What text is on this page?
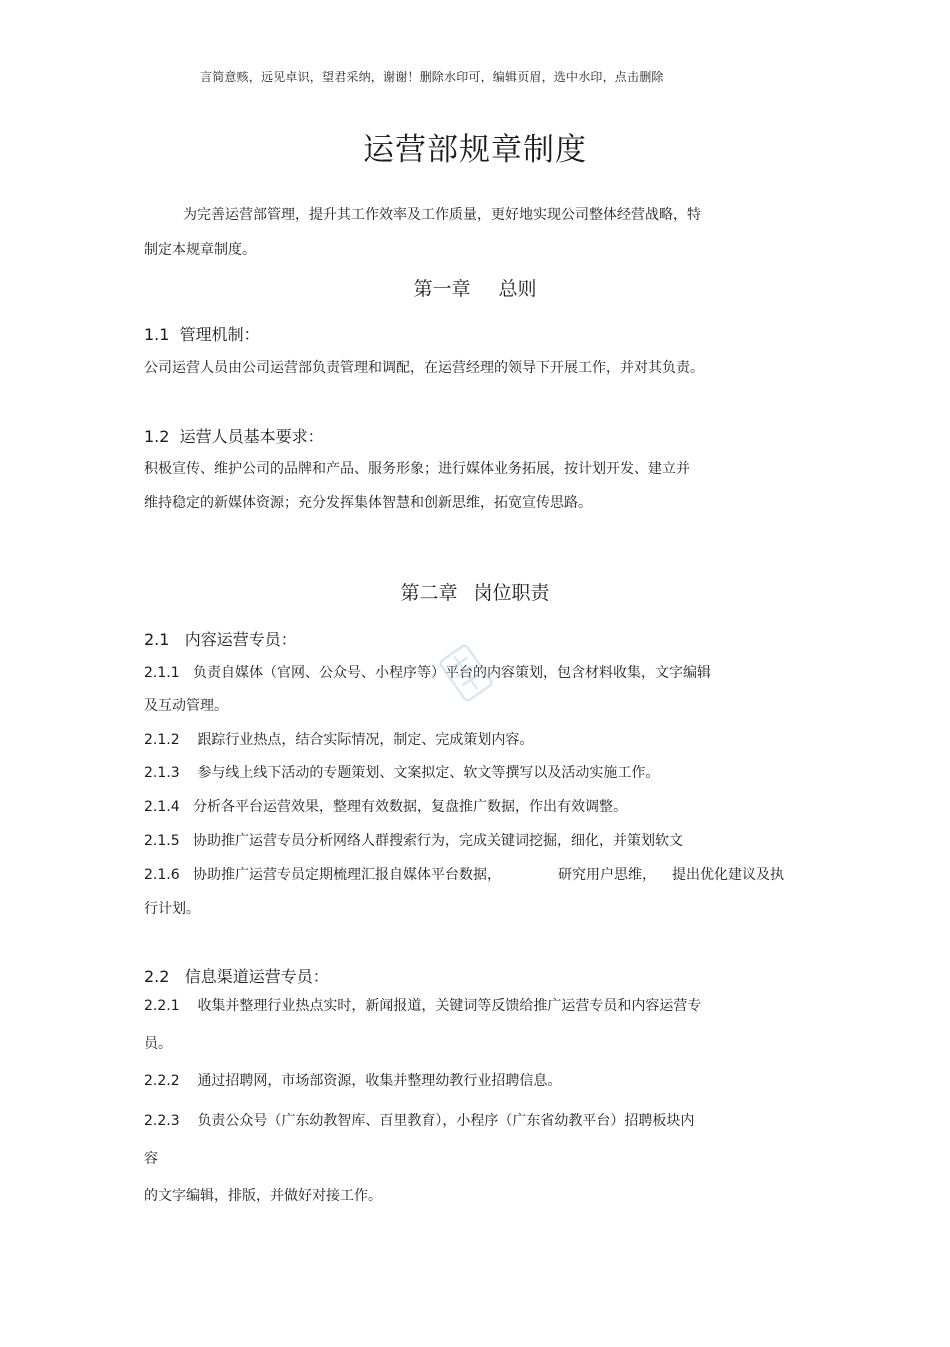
言简意赅，远见卓识，望君采纳，谢谢！删除水印可，编辑页眉，选中水印，点击删除
运营部规章制度
为完善运营部管理，提升其工作效率及工作质量，更好地实现公司整体经营战略，特
制定本规章制度。
第一章 总则
1.1 管理机制：
公司运营人员由公司运营部负责管理和调配，在运营经理的领导下开展工作，并对其负责。
1.2 运营人员基本要求：
积极宣传、维护公司的品牌和产品、服务形象；进行媒体业务拓展，按计划开发、建立并
维持稳定的新媒体资源；充分发挥集体智慧和创新思维，拓宽宣传思路。
第二章 岗位职责
2.1 内容运营专员：
2.1.1 负责自媒体（官网、公众号、小程序等）平台的内容策划，包含材料收集，文字编辑
及互动管理。
2.1.2 跟踪行业热点，结合实际情况，制定、完成策划内容。
2.1.3 参与线上线下活动的专题策划、文案拟定、软文等撰写以及活动实施工作。
2.1.4 分析各平台运营效果，整理有效数据，复盘推广数据，作出有效调整。
2.1.5 协助推广运营专员分析网络人群搜索行为，完成关键词挖掘，细化，并策划软文
2.1.6 协助推广运营专员定期梳理汇报自媒体平台数据，	研究用户思维， 提出优化建议及执
行计划。
2.2 信息渠道运营专员：
2.2.1 收集并整理行业热点实时，新闻报道，关键词等反馈给推广运营专员和内容运营专
员。
2.2.2 通过招聘网，市场部资源，收集并整理幼教行业招聘信息。
2.2.3 负责公众号（广东幼教智库、百里教育），小程序（广东省幼教平台）招聘板块内
容
的文字编辑，排版，并做好对接工作。
